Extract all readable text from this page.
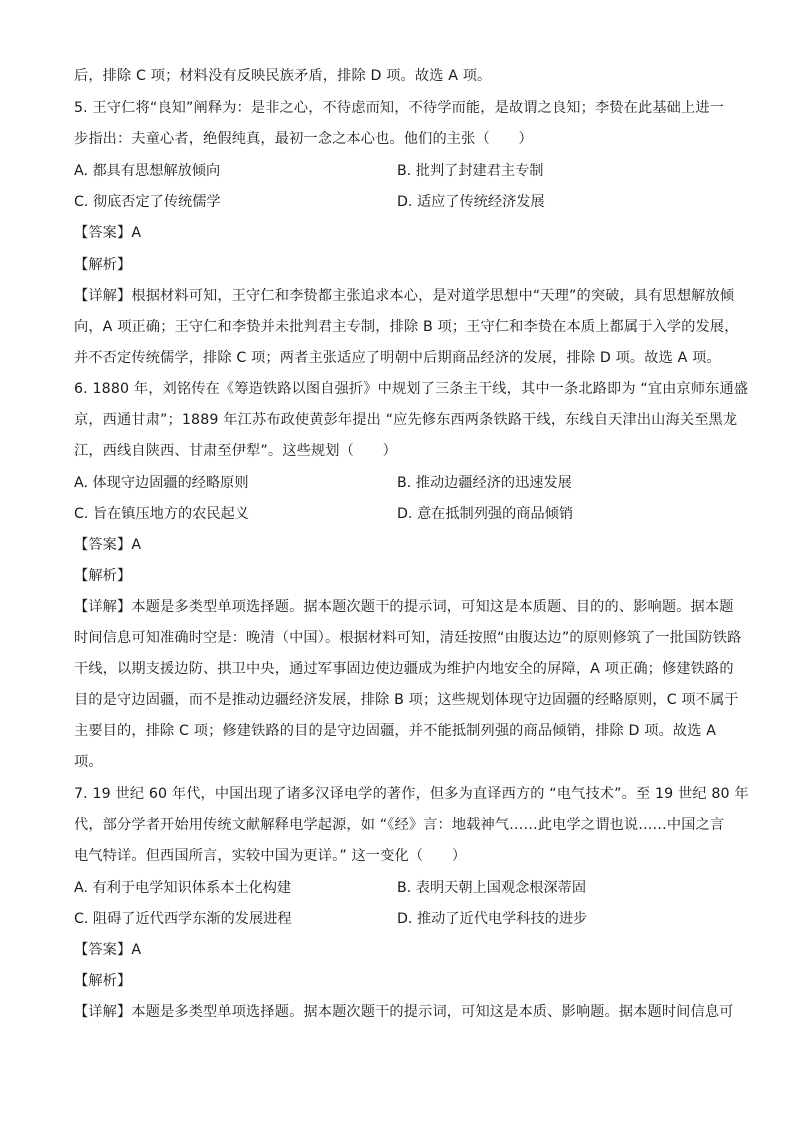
后，排除 C 项；材料没有反映民族矛盾，排除 D 项。故选 A 项。
5. 王守仁将“良知”阐释为：是非之心，不待虑而知，不待学而能，是故谓之良知；李贽在此基础上进一
步指出：夫童心者，绝假纯真，最初一念之本心也。他们的主张（　　）
A. 都具有思想解放倾向	B. 批判了封建君主专制
C. 彻底否定了传统儒学	D. 适应了传统经济发展
【答案】A
【解析】
【详解】根据材料可知，王守仁和李贽都主张追求本心，是对道学思想中“天理”的突破，具有思想解放倾
向，A 项正确；王守仁和李贽并未批判君主专制，排除 B 项；王守仁和李贽在本质上都属于入学的发展，
并不否定传统儒学，排除 C 项；两者主张适应了明朝中后期商品经济的发展，排除 D 项。故选 A 项。
6. 1880 年，刘铭传在《筹造铁路以图自强折》中规划了三条主干线，其中一条北路即为 “宜由京师东通盛
京，西通甘肃”；1889 年江苏布政使黄彭年提出 “应先修东西两条铁路干线，东线自天津出山海关至黑龙
江，西线自陕西、甘肃至伊犁”。这些规划（　　）
A. 体现守边固疆的经略原则	B. 推动边疆经济的迅速发展
C. 旨在镇压地方的农民起义	D. 意在抵制列强的商品倾销
【答案】A
【解析】
【详解】本题是多类型单项选择题。据本题次题干的提示词，可知这是本质题、目的的、影响题。据本题
时间信息可知准确时空是：晚清（中国）。根据材料可知，清廷按照“由腹达边”的原则修筑了一批国防铁路
干线，以期支援边防、拱卫中央，通过军事固边使边疆成为维护内地安全的屏障，A 项正确；修建铁路的
目的是守边固疆，而不是推动边疆经济发展，排除 B 项；这些规划体现守边固疆的经略原则，C 项不属于
主要目的，排除 C 项；修建铁路的目的是守边固疆，并不能抵制列强的商品倾销，排除 D 项。故选 A
项。
7. 19 世纪 60 年代，中国出现了诸多汉译电学的著作，但多为直译西方的 “电气技术”。至 19 世纪 80 年
代，部分学者开始用传统文献解释电学起源，如 “《经》言：地载神气……此电学之谓也说……中国之言
电气特详。但西国所言，实较中国为更详。” 这一变化（　　）
A. 有利于电学知识体系本土化构建	B. 表明天朝上国观念根深蒂固
C. 阻碍了近代西学东渐的发展进程	D. 推动了近代电学科技的进步
【答案】A
【解析】
【详解】本题是多类型单项选择题。据本题次题干的提示词，可知这是本质、影响题。据本题时间信息可
